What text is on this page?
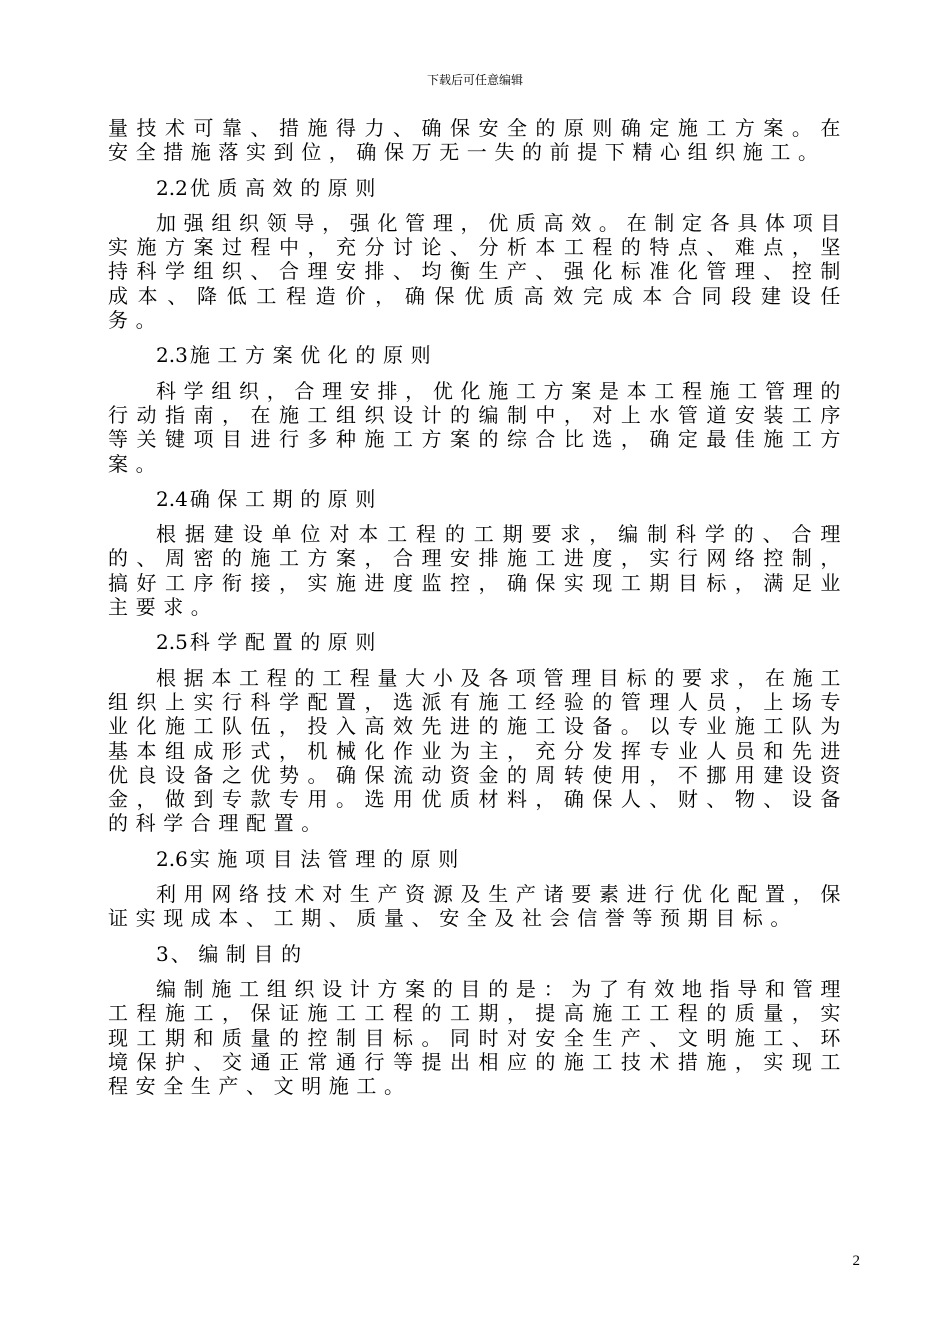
下载后可任意编辑

量技术可靠、措施得力、确保安全的原则确定施工方案。在安全措施落实到位，确保万无一失的前提下精心组织施工。

2.2 优质高效的原则

加强组织领导，强化管理，优质高效。在制定各具体项目实施方案过程中，充分讨论、分析本工程的特点、难点，坚持科学组织、合理安排、均衡生产、强化标准化管理、控制成本、降低工程造价，确保优质高效完成本合同段建设任务。

2.3 施工方案优化的原则

科学组织，合理安排，优化施工方案是本工程施工管理的行动指南，在施工组织设计的编制中，对上水管道安装工序等关键项目进行多种施工方案的综合比选，确定最佳施工方案。

2.4 确保工期的原则

根据建设单位对本工程的工期要求，编制科学的、合理的、周密的施工方案，合理安排施工进度，实行网络控制，搞好工序衔接，实施进度监控，确保实现工期目标，满足业主要求。

2.5 科学配置的原则

根据本工程的工程量大小及各项管理目标的要求，在施工组织上实行科学配置，选派有施工经验的管理人员，上场专业化施工队伍，投入高效先进的施工设备。以专业施工队为基本组成形式，机械化作业为主，充分发挥专业人员和先进优良设备之优势。确保流动资金的周转使用，不挪用建设资金，做到专款专用。选用优质材料，确保人、财、物、设备的科学合理配置。

2.6 实施项目法管理的原则

利用网络技术对生产资源及生产诸要素进行优化配置，保证实现成本、工期、质量、安全及社会信誉等预期目标。

3 、编制目的

编制施工组织设计方案的目的是：为了有效地指导和管理工程施工，保证施工工程的工期，提高施工工程的质量，实现工期和质量的控制目标。同时对安全生产、文明施工、环境保护、交通正常通行等提出相应的施工技术措施，实现工程安全生产、文明施工。

2
